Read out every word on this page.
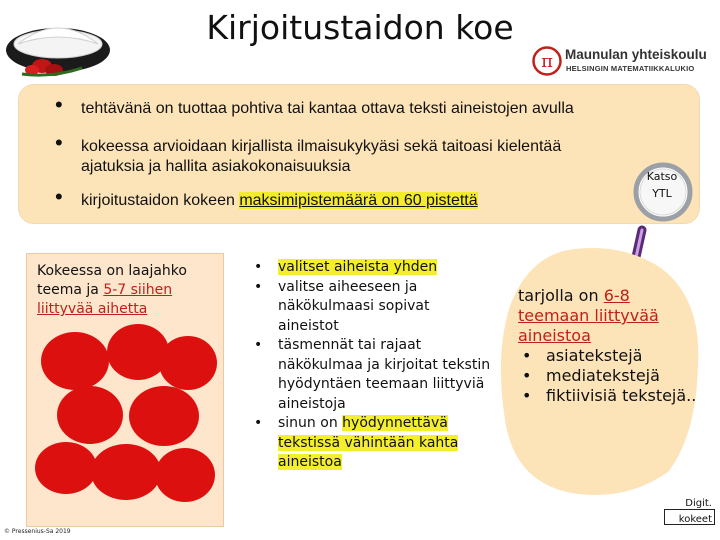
Kirjoitustaidon koe
π Maunulan yhteiskoulu
HELSINGIN MATEMATIIKKALUKIO
• tehtävänä on tuottaa pohtiva tai kantaa ottava teksti aineistojen avulla
• kokeessa arvioidaan kirjallista ilmaisukykyäsi sekä taitoasi kielentää
ajatuksia ja hallita asiakokonaisuuksia
• kirjoitustaidon kokeen maksimipistemäärä on 60 pistettä
Katso
YTL
Kokeessa on laajahko
teema ja 5-7 siihen
liittyvää aihetta
• valitset aiheista yhden
• valitse aiheeseen ja näkökulmaasi sopivat aineistot
• täsmennät tai rajaat näkökulmaa ja kirjoitat tekstin hyödyntäen teemaan liittyviä aineistoja
• sinun on hyödynnettävä tekstissä vähintään kahta aineistoa
tarjolla on 6-8 teemaan liittyvää aineistoa
• asiatekstejä
• mediatekstejä
• fiktiivisiä tekstejä..
© Pressenius-Sa 2019
Digit.
kokeet
